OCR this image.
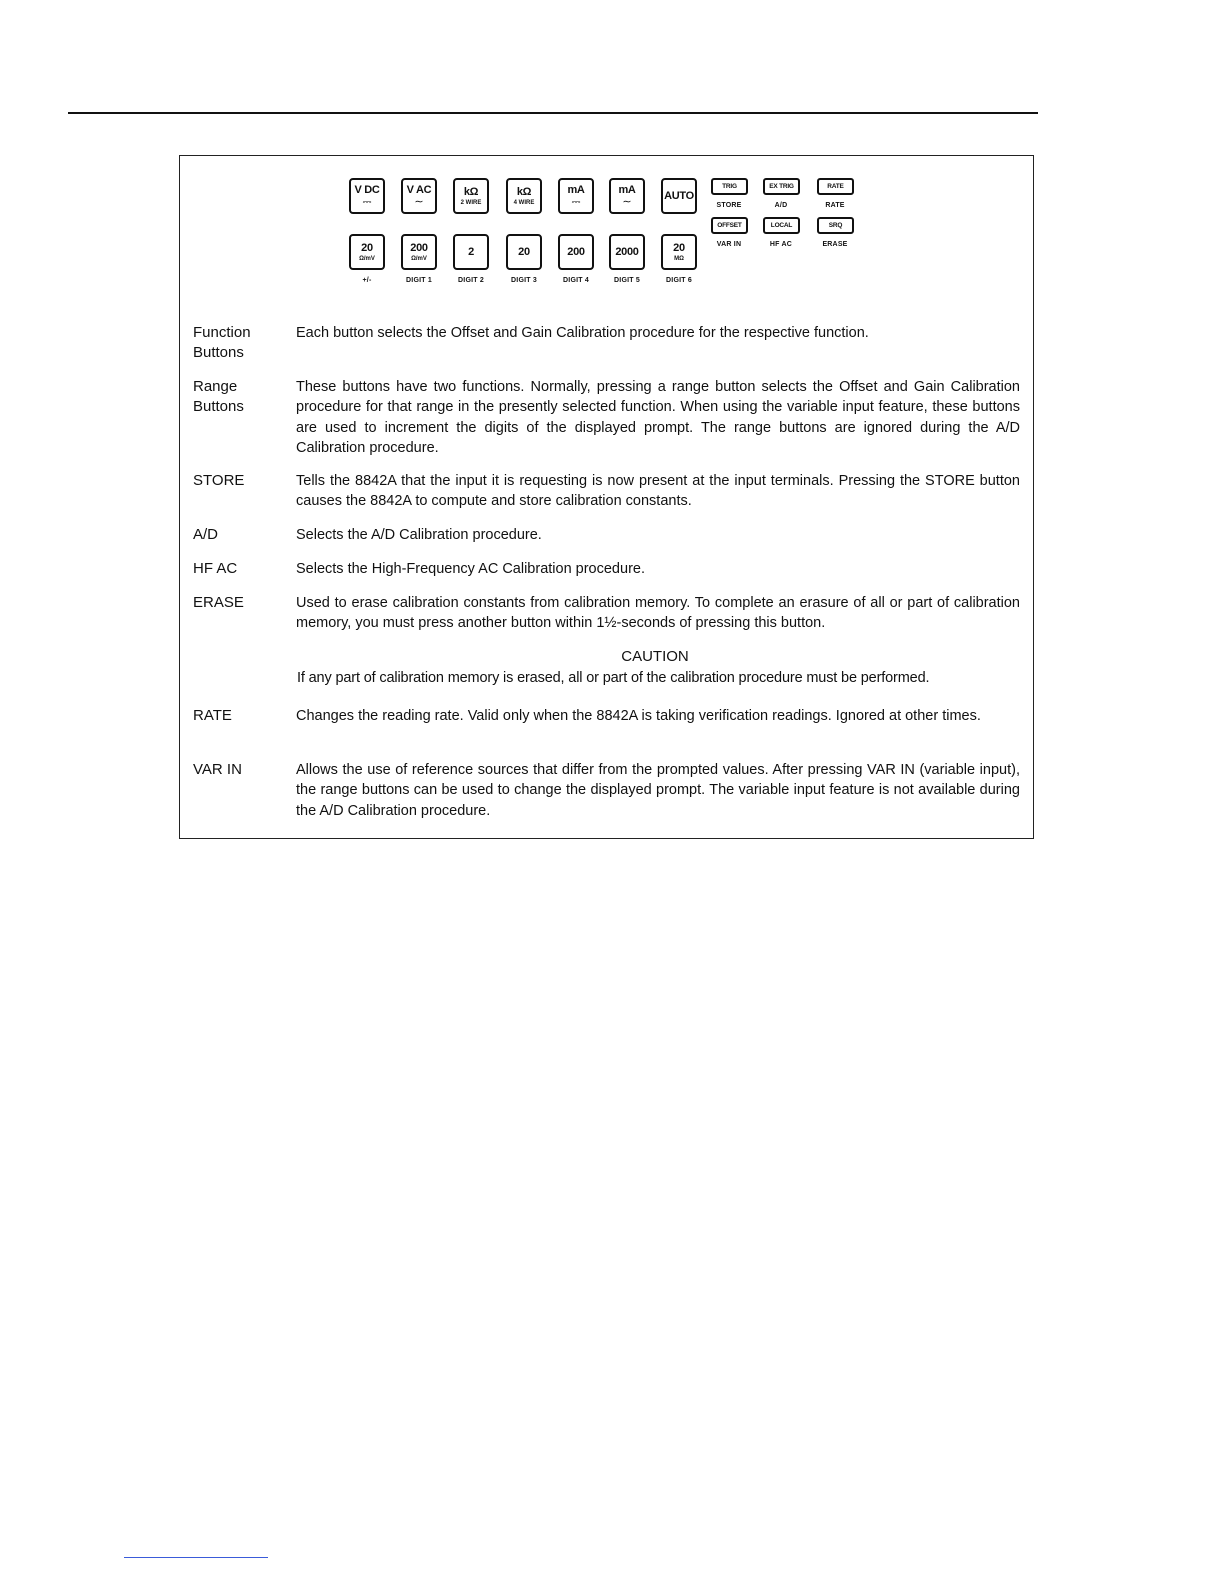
V DC
⎓
V AC
∼
kΩ
2 WIRE
kΩ
4 WIRE
mA
⎓
mA
∼	AUTO
TRIG
STORE
EX TRIG
A/D
RATE
RATE
OFFSET
VAR IN
LOCAL
HF AC
SRQ
ERASE
20
Ω/mV
+/-
200
Ω/mV
DIGIT 1
2
DIGIT 2
20
DIGIT 3
200
DIGIT 4
2000
DIGIT 5
20
MΩ
DIGIT 6
Function Buttons
Each button selects the Offset and Gain Calibration procedure for the respective function.
Range Buttons
These buttons have two functions. Normally, pressing a range button selects the Offset and Gain Calibration procedure for that range in the presently selected function. When using the variable input feature, these buttons are used to increment the digits of the displayed prompt. The range buttons are ignored during the A/D Calibration procedure.
STORE	Tells the 8842A that the input it is requesting is now present at the input terminals. Pressing the STORE button causes the 8842A to compute and store calibration constants.
A/D	Selects the A/D Calibration procedure.
HF AC	Selects the High-Frequency AC Calibration procedure.
ERASE	Used to erase calibration constants from calibration memory. To complete an erasure of all or part of calibration memory, you must press another button within 1½-seconds of pressing this button.
CAUTION
If any part of calibration memory is erased, all or part of the calibration procedure must be performed.
RATE	Changes the reading rate. Valid only when the 8842A is taking verification readings. Ignored at other times.
VAR IN	Allows the use of reference sources that differ from the prompted values. After pressing VAR IN (variable input), the range buttons can be used to change the displayed prompt. The variable input feature is not available during the A/D Calibration procedure.
